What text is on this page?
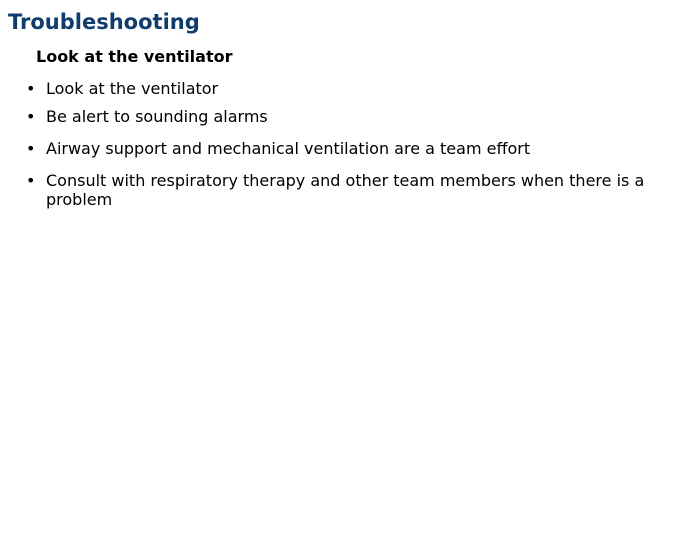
Troubleshooting
Look at the ventilator
• Look at the ventilator
• Be alert to sounding alarms
• Airway support and mechanical ventilation are a team effort
• Consult with respiratory therapy and other team members when there is a problem
